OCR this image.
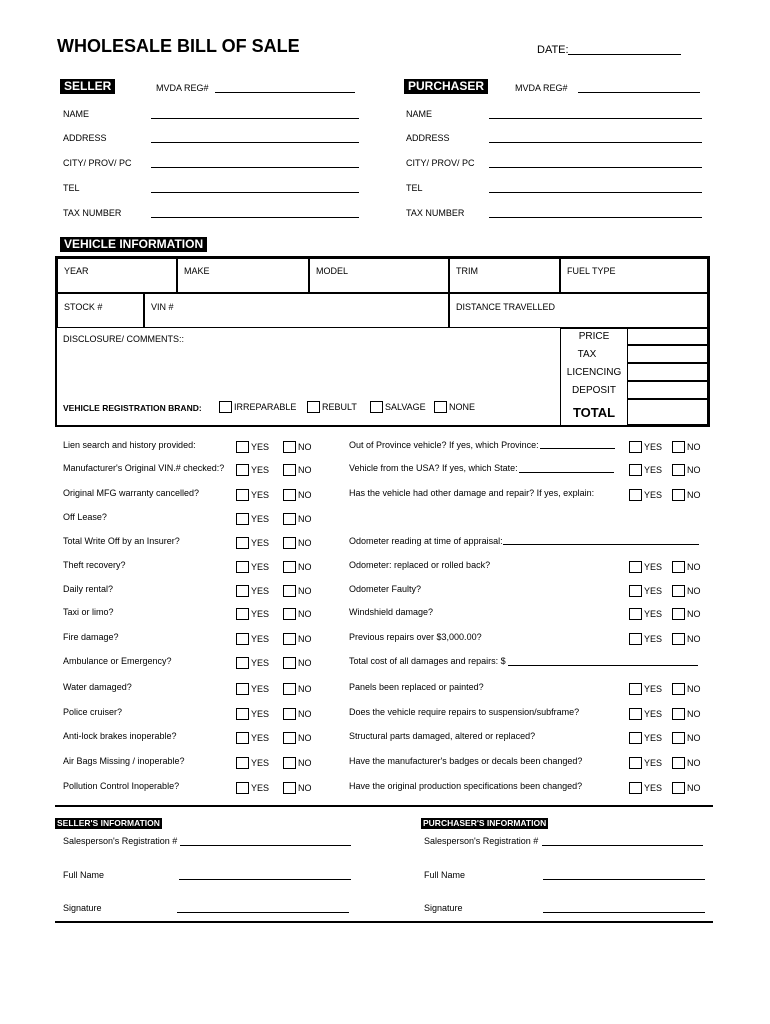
WHOLESALE BILL OF SALE	DATE:
SELLER	MVDA REG#
NAME
ADDRESS
CITY/ PROV/ PC
TEL
TAX NUMBER
PURCHASER	MVDA REG#
NAME
ADDRESS
CITY/ PROV/ PC
TEL
TAX NUMBER
VEHICLE INFORMATION
YEAR	MAKE	MODEL	TRIM	FUEL TYPE
STOCK #	VIN #	DISTANCE TRAVELLED
DISCLOSURE/ COMMENTS::	PRICE
TAX
LICENCING
DEPOSIT
TOTAL
VEHICLE REGISTRATION BRAND:	IRREPARABLE	REBULT	SALVAGE	NONE
Lien search and history provided:	YES	NO
Manufacturer's Original VIN.# checked:?	YES	NO
Original MFG warranty cancelled?	YES	NO
Off Lease?	YES	NO
Total Write Off by an Insurer?	YES	NO
Theft recovery?	YES	NO
Daily rental?	YES	NO
Taxi or limo?	YES	NO
Fire damage?	YES	NO
Ambulance or Emergency?	YES	NO
Water damaged?	YES	NO
Police cruiser?	YES	NO
Anti-lock brakes inoperable?	YES	NO
Air Bags Missing / inoperable?	YES	NO
Pollution Control Inoperable?	YES	NO
Out of Province vehicle? If yes, which Province:	YES	NO
Vehicle from the USA? If yes, which State:	YES	NO
Has the vehicle had other damage and repair? If yes, explain:	YES	NO
Odometer reading at time of appraisal:
Odometer: replaced or rolled back?	YES	NO
Odometer Faulty?	YES	NO
Windshield damage?	YES	NO
Previous repairs over $3,000.00?	YES	NO
Total cost of all damages and repairs: $
Panels been replaced or painted?	YES	NO
Does the vehicle require repairs to suspension/subframe?	YES	NO
Structural parts damaged, altered or replaced?	YES	NO
Have the manufacturer's badges or decals been changed?	YES	NO
Have the original production specifications been changed?	YES	NO
SELLER'S INFORMATION
Salesperson's Registration #
Full Name
Signature
PURCHASER'S INFORMATION
Salesperson's Registration #
Full Name
Signature
